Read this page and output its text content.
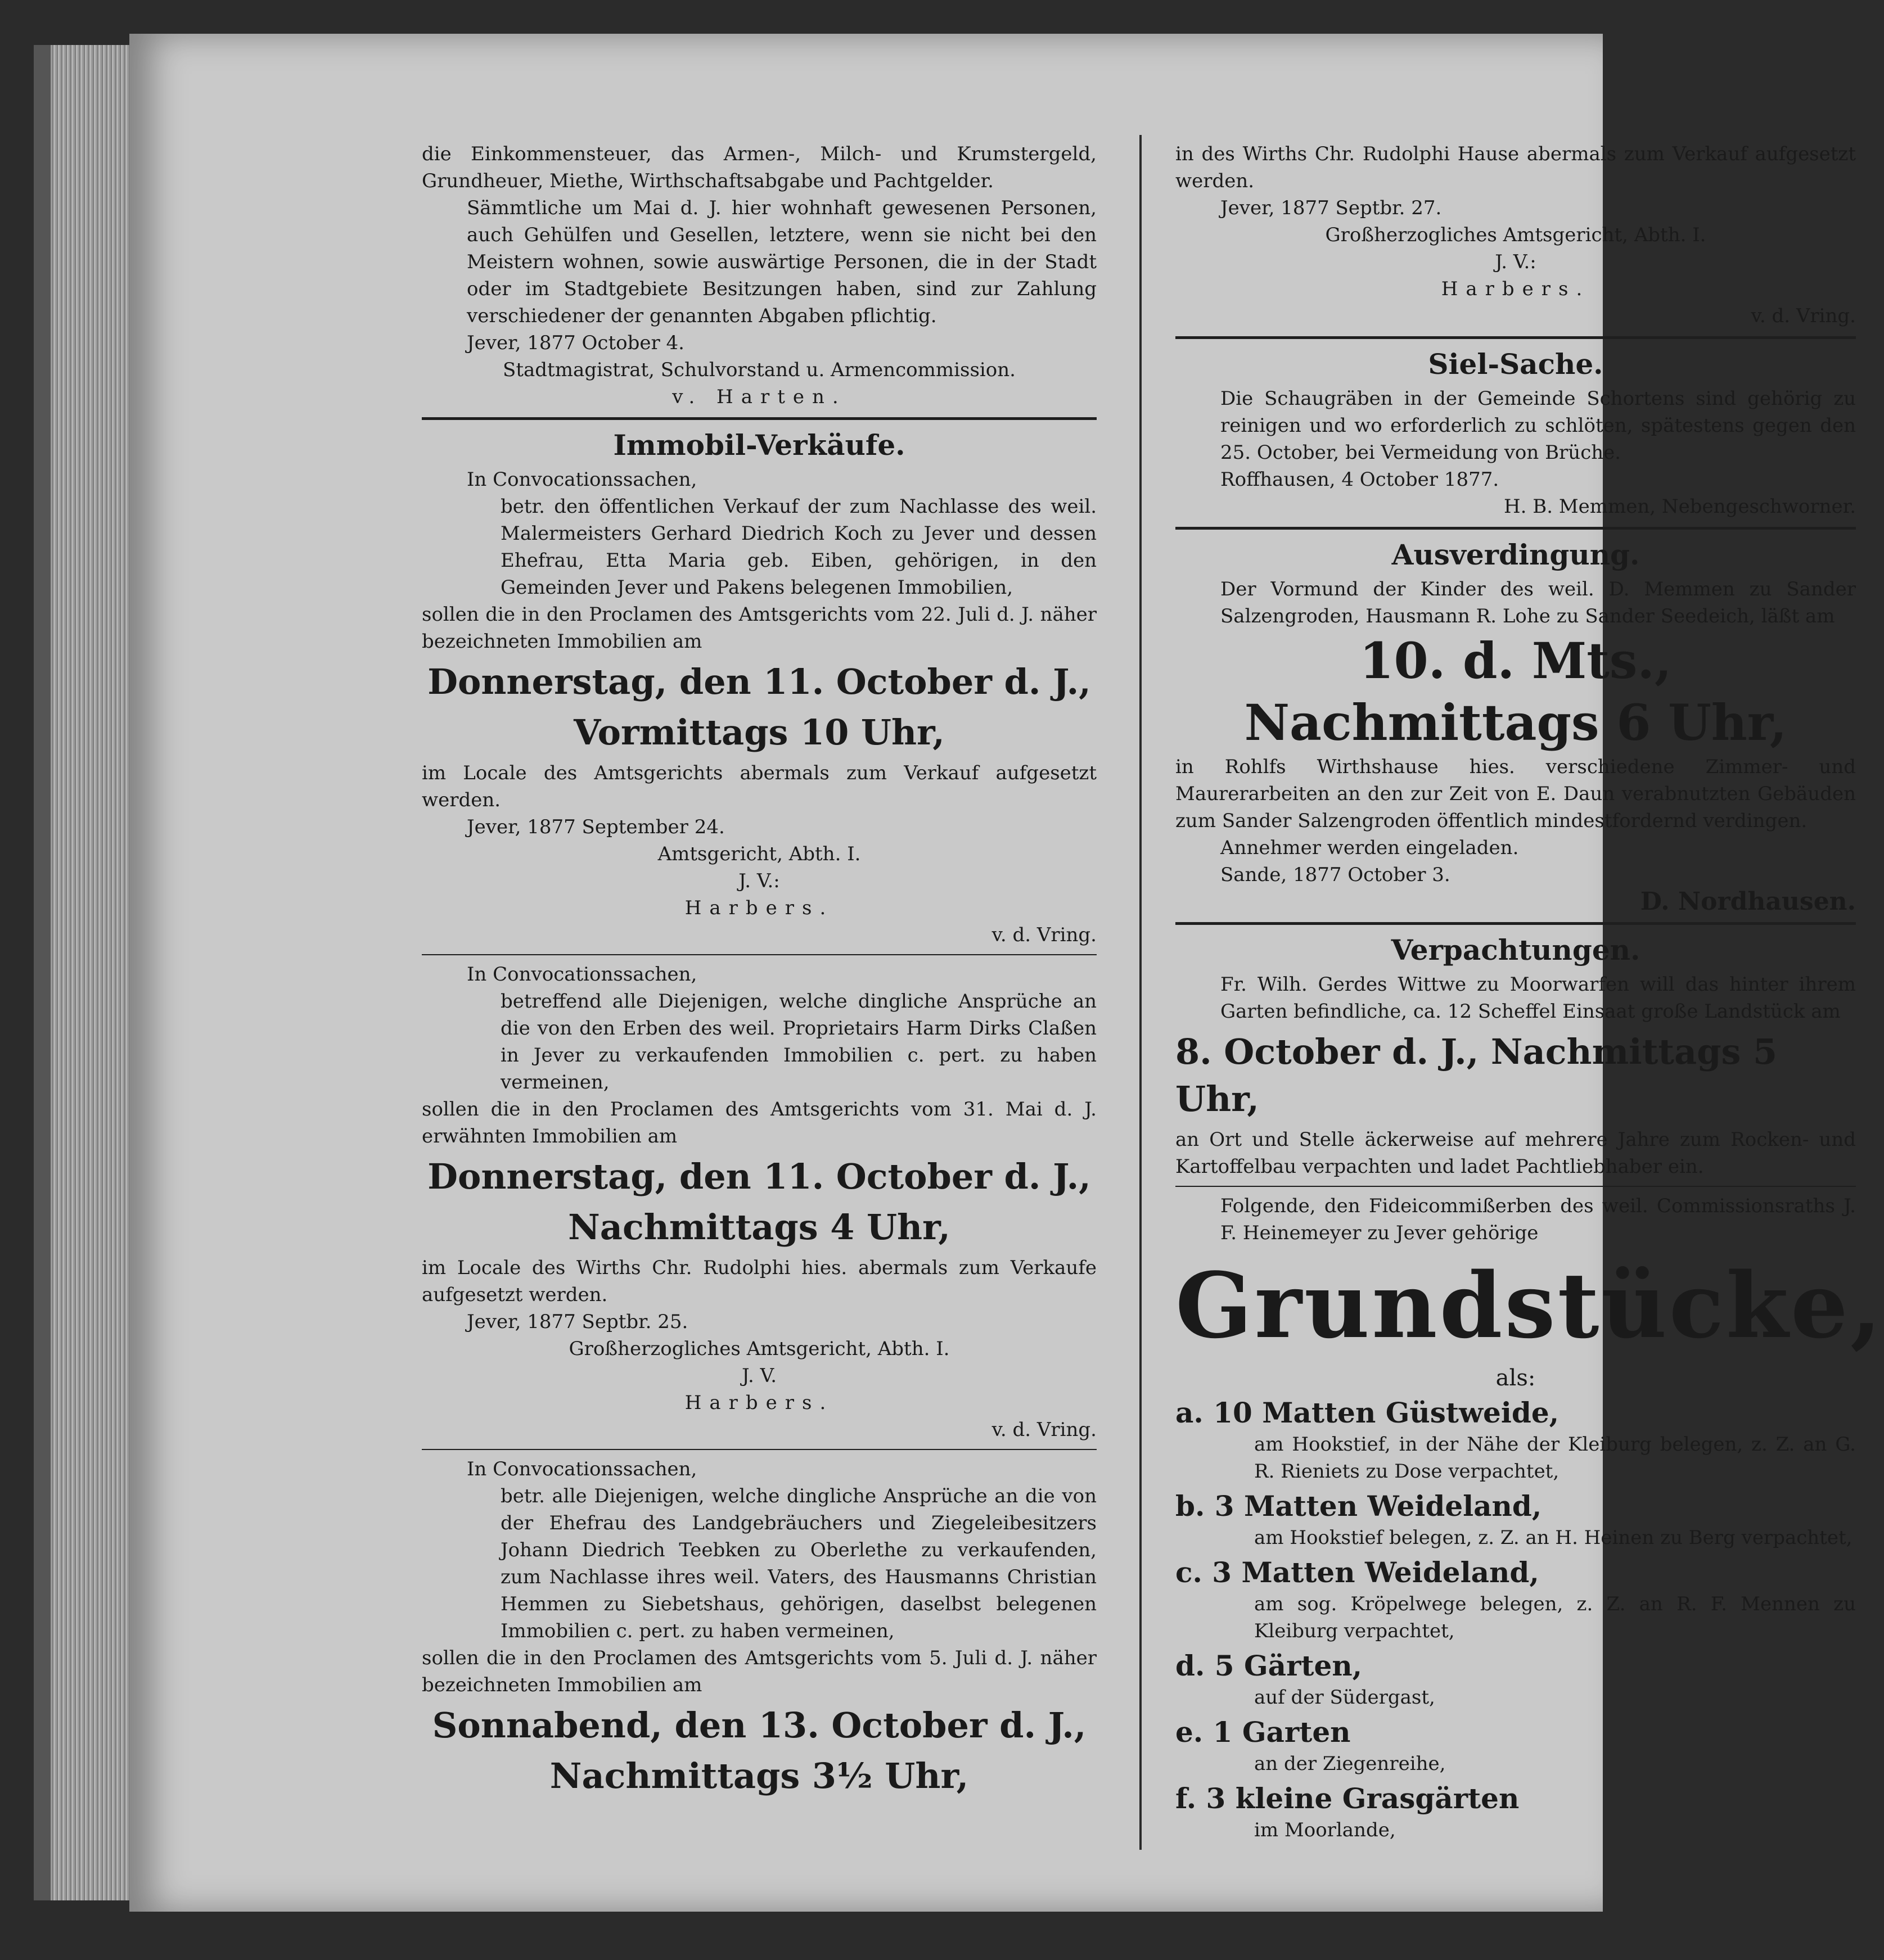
die Einkommensteuer, das Armen-, Milch- und Krumstergeld, Grundheuer, Miethe, Wirthschaftsabgabe und Pachtgelder.

Sämmtliche um Mai d. J. hier wohnhaft gewesenen Personen, auch Gehülfen und Gesellen, letztere, wenn sie nicht bei den Meistern wohnen, sowie auswärtige Personen, die in der Stadt oder im Stadtgebiete Besitzungen haben, sind zur Zahlung verschiedener der genannten Abgaben pflichtig.

Jever, 1877 October 4.

Stadtmagistrat, Schulvorstand u. Armencommission.

v. Harten.

Immobil-Verkäufe.

In Convocationssachen,

betr. den öffentlichen Verkauf der zum Nachlasse des weil. Malermeisters Gerhard Diedrich Koch zu Jever und dessen Ehefrau, Etta Maria geb. Eiben, gehörigen, in den Gemeinden Jever und Pakens belegenen Immobilien,

sollen die in den Proclamen des Amtsgerichts vom 22. Juli d. J. näher bezeichneten Immobilien am

Donnerstag, den 11. October d. J.,
Vormittags 10 Uhr,

im Locale des Amtsgerichts abermals zum Verkauf aufgesetzt werden.

Jever, 1877 September 24.

Amtsgericht, Abth. I.

J. V.:

Harbers.

v. d. Vring.

In Convocationssachen,

betreffend alle Diejenigen, welche dingliche Ansprüche an die von den Erben des weil. Proprietairs Harm Dirks Claßen in Jever zu verkaufenden Immobilien c. pert. zu haben vermeinen,

sollen die in den Proclamen des Amtsgerichts vom 31. Mai d. J. erwähnten Immobilien am

Donnerstag, den 11. October d. J.,
Nachmittags 4 Uhr,

im Locale des Wirths Chr. Rudolphi hies. abermals zum Verkaufe aufgesetzt werden.

Jever, 1877 Septbr. 25.

Großherzogliches Amtsgericht, Abth. I.

J. V.

Harbers.

v. d. Vring.

In Convocationssachen,

betr. alle Diejenigen, welche dingliche Ansprüche an die von der Ehefrau des Landgebräuchers und Ziegeleibesitzers Johann Diedrich Teebken zu Oberlethe zu verkaufenden, zum Nachlasse ihres weil. Vaters, des Hausmanns Christian Hemmen zu Siebetshaus, gehörigen, daselbst belegenen Immobilien c. pert. zu haben vermeinen,

sollen die in den Proclamen des Amtsgerichts vom 5. Juli d. J. näher bezeichneten Immobilien am

Sonnabend, den 13. October d. J.,
Nachmittags 3½ Uhr,

in des Wirths Chr. Rudolphi Hause abermals zum Verkauf aufgesetzt werden.

Jever, 1877 Septbr. 27.

Großherzogliches Amtsgericht, Abth. I.

J. V.:

Harbers.

v. d. Vring.

Siel-Sache.

Die Schaugräben in der Gemeinde Schortens sind gehörig zu reinigen und wo erforderlich zu schlöten, spätestens gegen den 25. October, bei Vermeidung von Brüche.

Roffhausen, 4 October 1877.

H. B. Memmen, Nebengeschworner.

Ausverdingung.

Der Vormund der Kinder des weil. D. Memmen zu Sander Salzengroden, Hausmann R. Lohe zu Sander Seedeich, läßt am

10. d. Mts.,
Nachmittags 6 Uhr,

in Rohlfs Wirthshause hies. verschiedene Zimmer- und Maurerarbeiten an den zur Zeit von E. Daun verabnutzten Gebäuden zum Sander Salzengroden öffentlich mindestfordernd verdingen.

Annehmer werden eingeladen.

Sande, 1877 October 3.

D. Nordhausen.

Verpachtungen.

Fr. Wilh. Gerdes Wittwe zu Moorwarfen will das hinter ihrem Garten befindliche, ca. 12 Scheffel Einsaat große Landstück am

8. October d. J., Nachmittags 5 Uhr,

an Ort und Stelle äckerweise auf mehrere Jahre zum Rocken- und Kartoffelbau verpachten und ladet Pachtliebhaber ein.

Folgende, den Fideicommißerben des weil. Commissionsraths J. F. Heinemeyer zu Jever gehörige

Grundstücke,

als:

a. 10 Matten Güstweide,

am Hookstief, in der Nähe der Kleiburg belegen, z. Z. an G. R. Rieniets zu Dose verpachtet,

b. 3 Matten Weideland,

am Hookstief belegen, z. Z. an H. Heinen zu Berg verpachtet,

c. 3 Matten Weideland,

am sog. Kröpelwege belegen, z. Z. an R. F. Mennen zu Kleiburg verpachtet,

d. 5 Gärten,

auf der Südergast,

e. 1 Garten

an der Ziegenreihe,

f. 3 kleine Grasgärten

im Moorlande,
